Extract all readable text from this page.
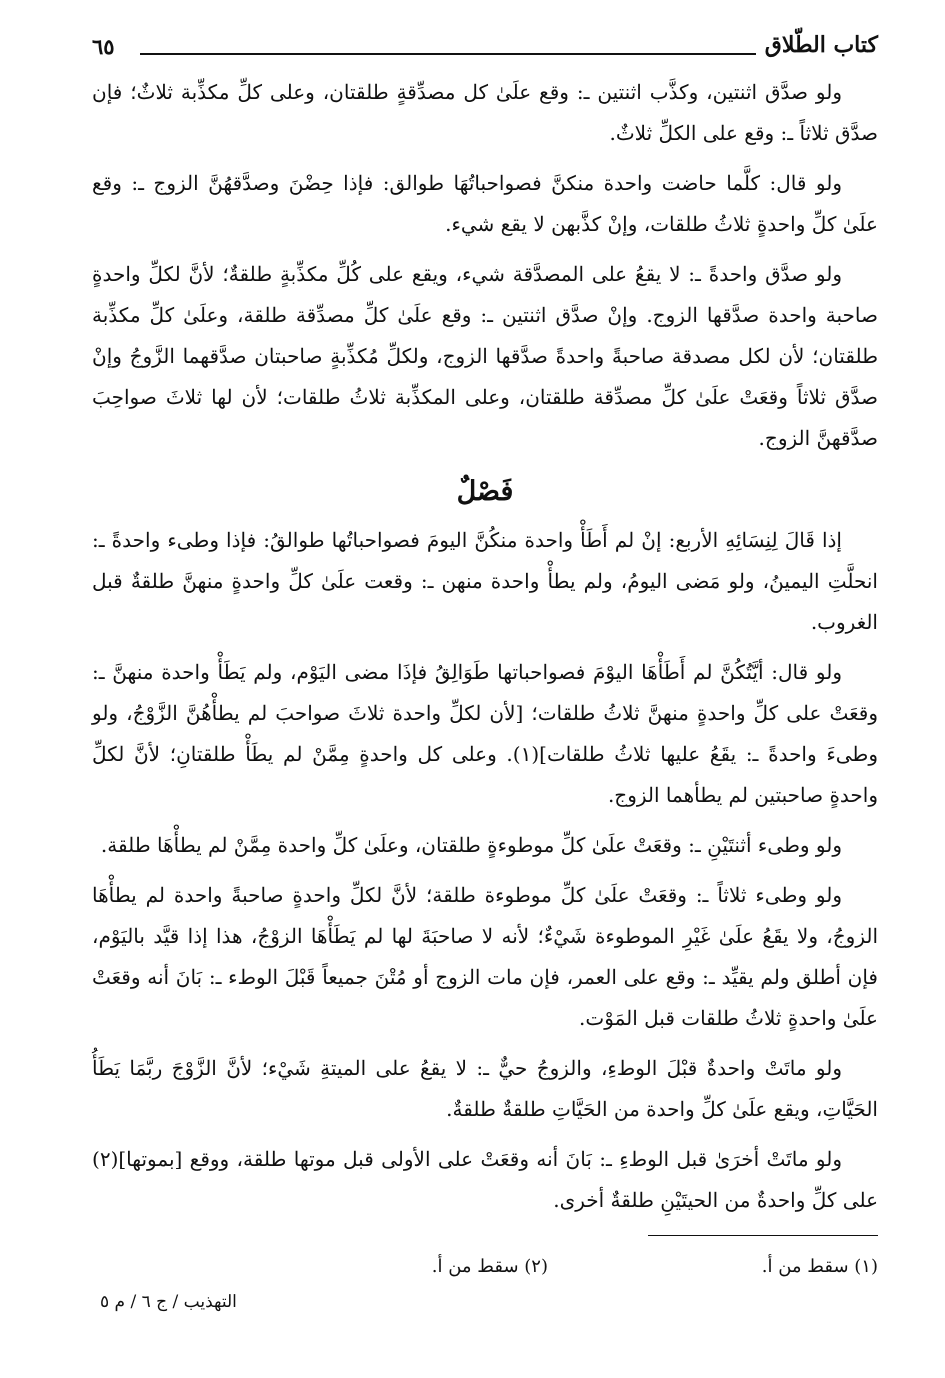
كتاب الطّلاق
٦٥

ولو صدَّق اثنتين، وكذَّب اثنتين ـ: وقع علَىٰ كل مصدِّقةٍ طلقتان، وعلى كلِّ مكذِّبة ثلاثٌ؛ فإن صدَّق ثلاثاً ـ: وقع على الكلِّ ثلاثٌ.

ولو قال: كلَّما حاضت واحدة منكنَّ فصواحباتُهَا طوالق: فإذا حِضْنَ وصدَّقهُنَّ الزوج ـ: وقع علَىٰ كلِّ واحدةٍ ثلاثُ طلقات، وإنْ كذَّبهن لا يقع شيء.

ولو صدَّق واحدةً ـ: لا يقعُ على المصدَّقة شيء، ويقع على كُلِّ مكذِّبةٍ طلقةٌ؛ لأنَّ لكلِّ واحدةٍ صاحبة واحدة صدَّقها الزوج. وإنْ صدَّق اثنتين ـ: وقع علَىٰ كلِّ مصدِّقة طلقة، وعلَىٰ كلِّ مكذِّبة طلقتان؛ لأن لكل مصدقة صاحبةً واحدةً صدَّقها الزوج، ولكلِّ مُكذِّبةٍ صاحبتان صدَّقهما الزَّوجُ وإنْ صدَّق ثلاثاً وقعَتْ علَىٰ كلِّ مصدِّقة طلقتان، وعلى المكذِّبة ثلاثُ طلقات؛ لأن لها ثلاثَ صواحِبَ صدَّقهنَّ الزوج.

فَصْلٌ

إذا قَالَ لِنِسَائِهِ الأربع: إنْ لم أَطَأْ واحدة منكُنَّ اليومَ فصواحباتُها طوالقُ: فإذا وطىء واحدةً ـ: انحلَّتِ اليمينُ، ولو مَضى اليومُ، ولم يطأْ واحدة منهن ـ: وقعت علَىٰ كلِّ واحدةٍ منهنَّ طلقةٌ قبل الغروب.

ولو قال: أيَّتُكُنَّ لم أَطَأْهَا اليوْمَ فصواحباتها طَوَالِقُ فإذَا مضى اليَوْم، ولم يَطَأْ واحدة منهنَّ ـ: وقعَتْ على كلِّ واحدةٍ منهنَّ ثلاثُ طلقات؛ [لأن لكلِّ واحدة ثلاثَ صواحبَ لم يطأْهُنَّ الزَّوْجُ، ولو وطىءَ واحدةً ـ: يقَعُ عليها ثلاثُ طلقات](١). وعلى كل واحدةٍ مِمَّنْ لم يطَأْ طلقتانِ؛ لأنَّ لكلِّ واحدةٍ صاحبتين لم يطأهما الزوج.

ولو وطىء أثنتَيْنِ ـ: وقعَتْ علَىٰ كلِّ موطوءةٍ طلقتان، وعلَىٰ كلِّ واحدة مِمَّنْ لم يطأْهَا طلقة.

ولو وطىء ثلاثاً ـ: وقعَتْ علَىٰ كلِّ موطوءة طلقة؛ لأنَّ لكلِّ واحدةٍ صاحبةً واحدة لم يطأْهَا الزوجُ، ولا يقَعُ علَىٰ غَيْرِ الموطوءة شَيْءٌ؛ لأنه لا صاحبَةَ لها لم يَطَأْهَا الزوْجُ، هذا إذا قيَّد باليَوْم، فإن أطلق ولم يقيِّد ـ: وقع على العمر، فإن مات الزوج أو مُتْنَ جميعاً قَبْلَ الوطء ـ: بَانَ أنه وقعَتْ علَىٰ واحدةٍ ثلاثُ طلقات قبل المَوْت.

ولو ماتَتْ واحدةٌ قبْلَ الوطءِ، والزوجُ حيٌّ ـ: لا يقعُ على الميتةِ شَيْء؛ لأنَّ الزَّوْجَ ربَّمَا يَطَأُ الحَيَّاتِ، ويقع علَىٰ كلِّ واحدة من الحَيَّاتِ طلقةٌ طلقةٌ.

ولو ماتَتْ أخرَىٰ قبل الوطءِ ـ: بَانَ أنه وقعَتْ على الأولى قبل موتها طلقة، ووقع [بموتها](٢) على كلِّ واحدةٌ من الحيتَيْنِ طلقةٌ أخرى.

(١) سقط من أ.
(٢) سقط من أ.
التهذيب / ج ٦ / م ٥
